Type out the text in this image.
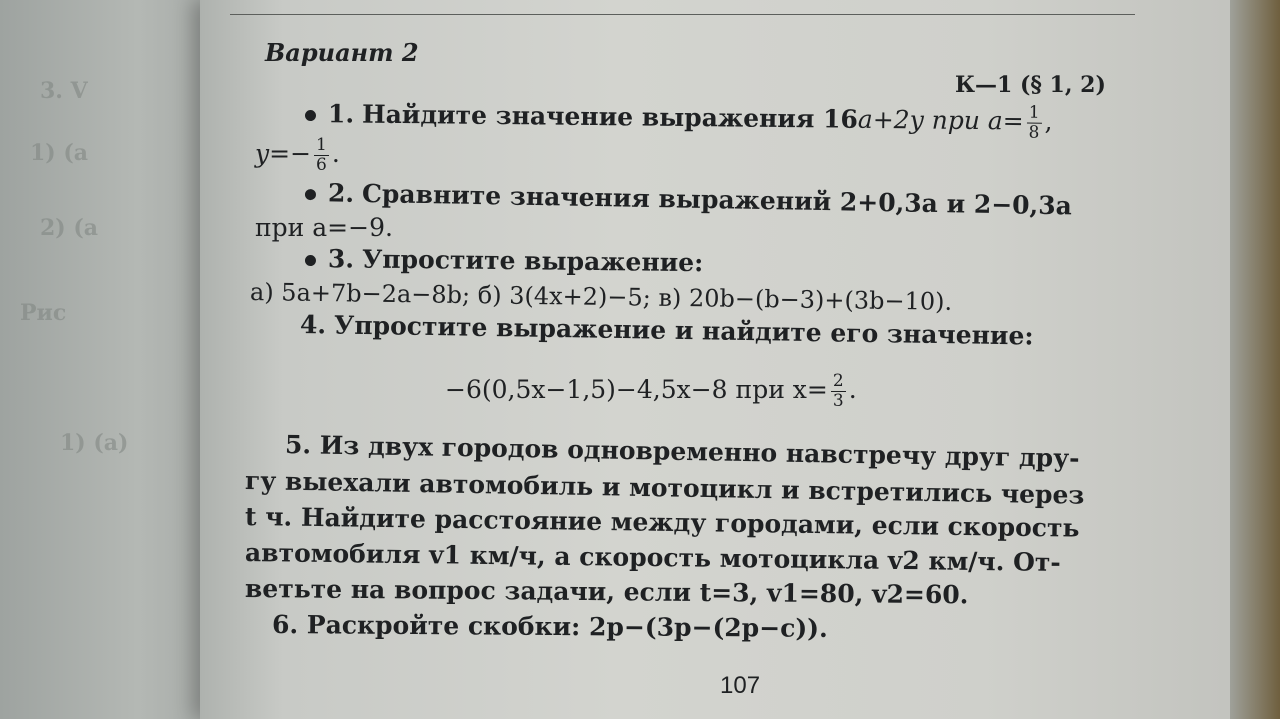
3. V
1) (а
2) (а
Рис
1) (а)
Вариант 2
К—1 (§ 1, 2)
1. Найдите значение выражения 16a+2y при $a= \frac{1}{8}$ ,
$y=- \frac{1}{6}$ .
2. Сравните значения выражений 2+0,3a и 2−0,3a
при a=−9.
3. Упростите выражение:
а) 5a+7b−2a−8b; б) 3(4x+2)−5; в) 20b−(b−3)+(3b−10).
4. Упростите выражение и найдите его значение:
−6(0,5x−1,5)−4,5x−8 при $x= \frac{2}{3}$ .
5. Из двух городов одновременно навстречу друг дру-
гу выехали автомобиль и мотоцикл и встретились через
t ч. Найдите расстояние между городами, если скорость
автомобиля v1 км/ч, а скорость мотоцикла v2 км/ч. От-
ветьте на вопрос задачи, если t=3, v1=80, v2=60.
6. Раскройте скобки: 2p−(3p−(2p−c)).
107
